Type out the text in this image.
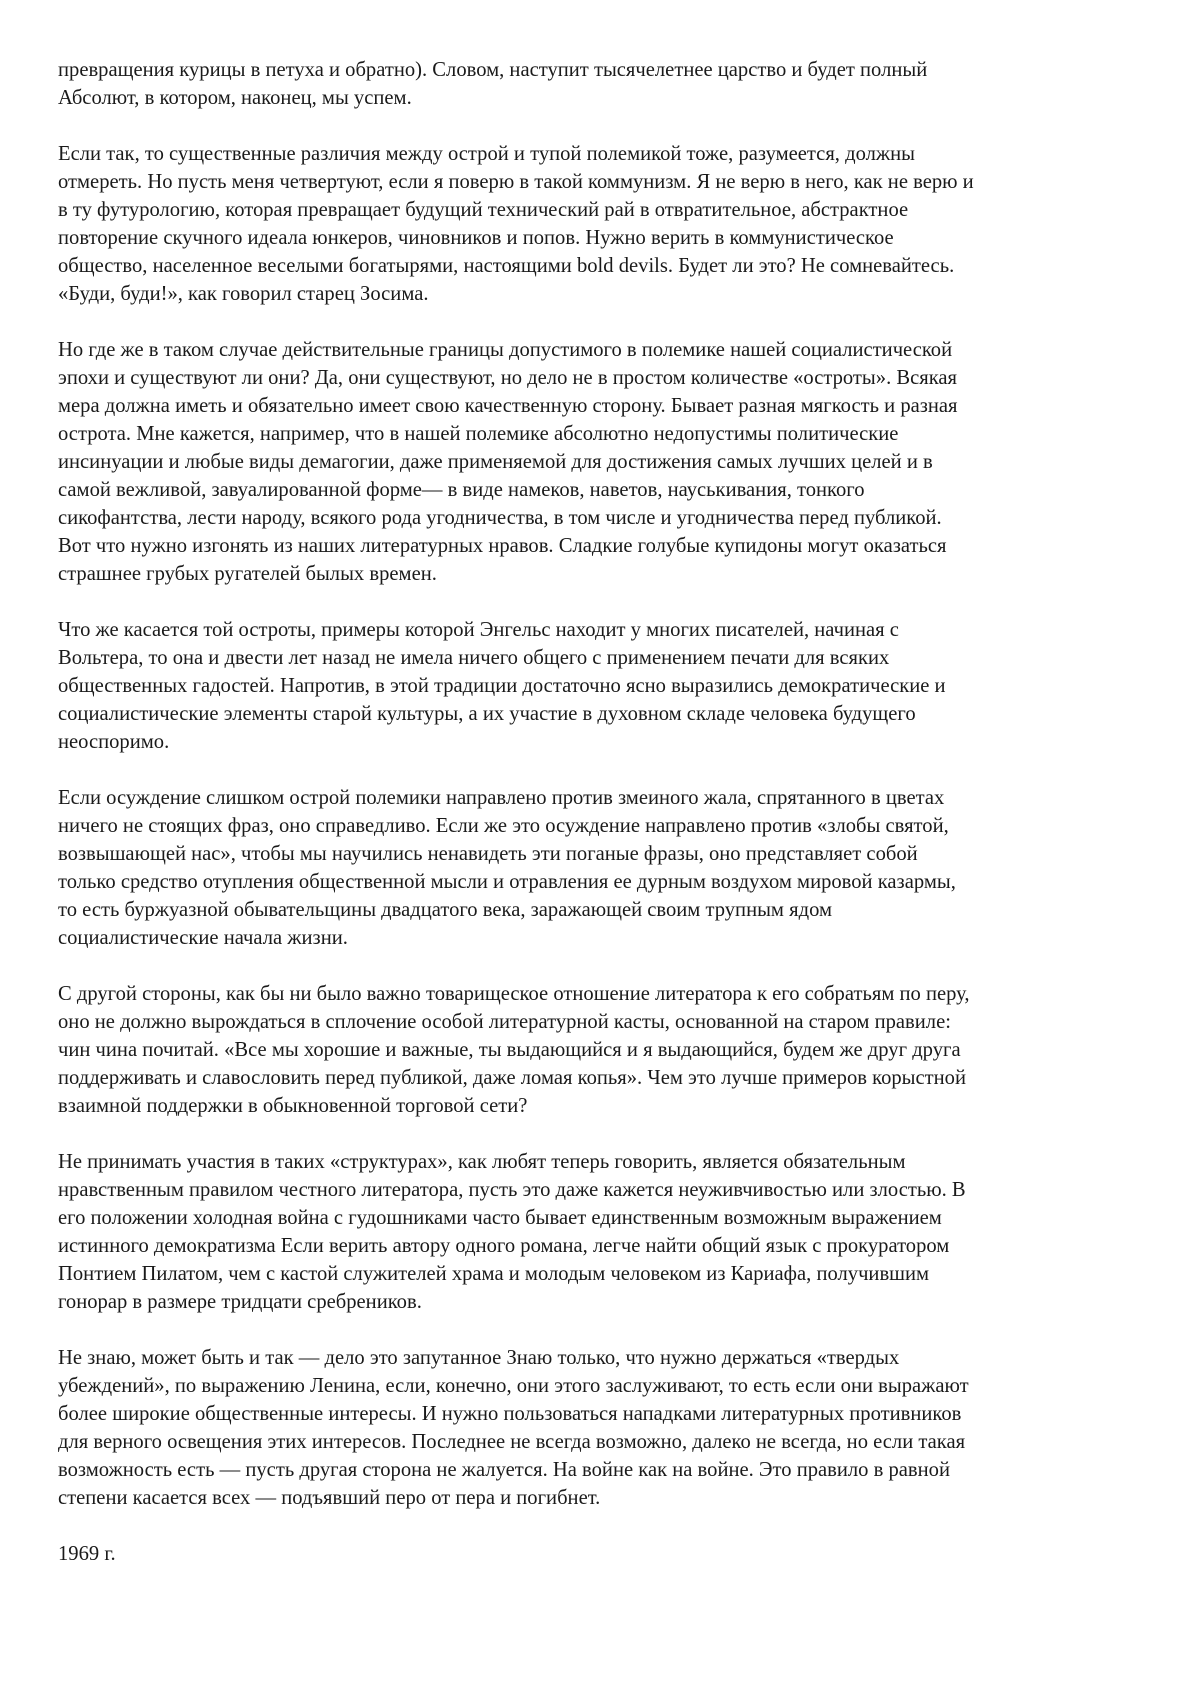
превращения курицы в петуха и обратно). Словом, наступит тысячелетнее царство и будет полный
Абсолют, в котором, наконец, мы успем.

Если так, то существенные различия между острой и тупой полемикой тоже, разумеется, должны
отмереть. Но пусть меня четвертуют, если я поверю в такой коммунизм. Я не верю в него, как не верю и
в ту футурологию, которая превращает будущий технический рай в отвратительное, абстрактное
повторение скучного идеала юнкеров, чиновников и попов. Нужно верить в коммунистическое
общество, населенное веселыми богатырями, настоящими bold devils. Будет ли это? Не сомневайтесь.
«Буди, буди!», как говорил старец Зосима.

Но где же в таком случае действительные границы допустимого в полемике нашей социалистической
эпохи и существуют ли они? Да, они существуют, но дело не в простом количестве «остроты». Всякая
мера должна иметь и обязательно имеет свою качественную сторону. Бывает разная мягкость и разная
острота. Мне кажется, например, что в нашей полемике абсолютно недопустимы политические
инсинуации и любые виды демагогии, даже применяемой для достижения самых лучших целей и в
самой вежливой, завуалированной форме— в виде намеков, наветов, науськивания, тонкого
сикофантства, лести народу, всякого рода угодничества, в том числе и угодничества перед публикой.
Вот что нужно изгонять из наших литературных нравов. Сладкие голубые купидоны могут оказаться
страшнее грубых ругателей былых времен.

Что же касается той остроты, примеры которой Энгельс находит у многих писателей, начиная с
Вольтера, то она и двести лет назад не имела ничего общего с применением печати для всяких
общественных гадостей. Напротив, в этой традиции достаточно ясно выразились демократические и
социалистические элементы старой культуры, а их участие в духовном складе человека будущего
неоспоримо.

Если осуждение слишком острой полемики направлено против змеиного жала, спрятанного в цветах
ничего не стоящих фраз, оно справедливо. Если же это осуждение направлено против «злобы святой,
возвышающей нас», чтобы мы научились ненавидеть эти поганые фразы, оно представляет собой
только средство отупления общественной мысли и отравления ее дурным воздухом мировой казармы,
то есть буржуазной обывательщины двадцатого века, заражающей своим трупным ядом
социалистические начала жизни.

С другой стороны, как бы ни было важно товарищеское отношение литератора к его собратьям по перу,
оно не должно вырождаться в сплочение особой литературной касты, основанной на старом правиле:
чин чина почитай. «Все мы хорошие и важные, ты выдающийся и я выдающийся, будем же друг друга
поддерживать и славословить перед публикой, даже ломая копья». Чем это лучше примеров корыстной
взаимной поддержки в обыкновенной торговой сети?

Не принимать участия в таких «структурах», как любят теперь говорить, является обязательным
нравственным правилом честного литератора, пусть это даже кажется неуживчивостью или злостью. В
его положении холодная война с гудошниками часто бывает единственным возможным выражением
истинного демократизма Если верить автору одного романа, легче найти общий язык с прокуратором
Понтием Пилатом, чем с кастой служителей храма и молодым человеком из Кариафа, получившим
гонорар в размере тридцати сребреников.

Не знаю, может быть и так — дело это запутанное Знаю только, что нужно держаться «твердых
убеждений», по выражению Ленина, если, конечно, они этого заслуживают, то есть если они выражают
более широкие общественные интересы. И нужно пользоваться нападками литературных противников
для верного освещения этих интересов. Последнее не всегда возможно, далеко не всегда, но если такая
возможность есть — пусть другая сторона не жалуется. На войне как на войне. Это правило в равной
степени касается всех — подъявший перо от пера и погибнет.

1969 г.
